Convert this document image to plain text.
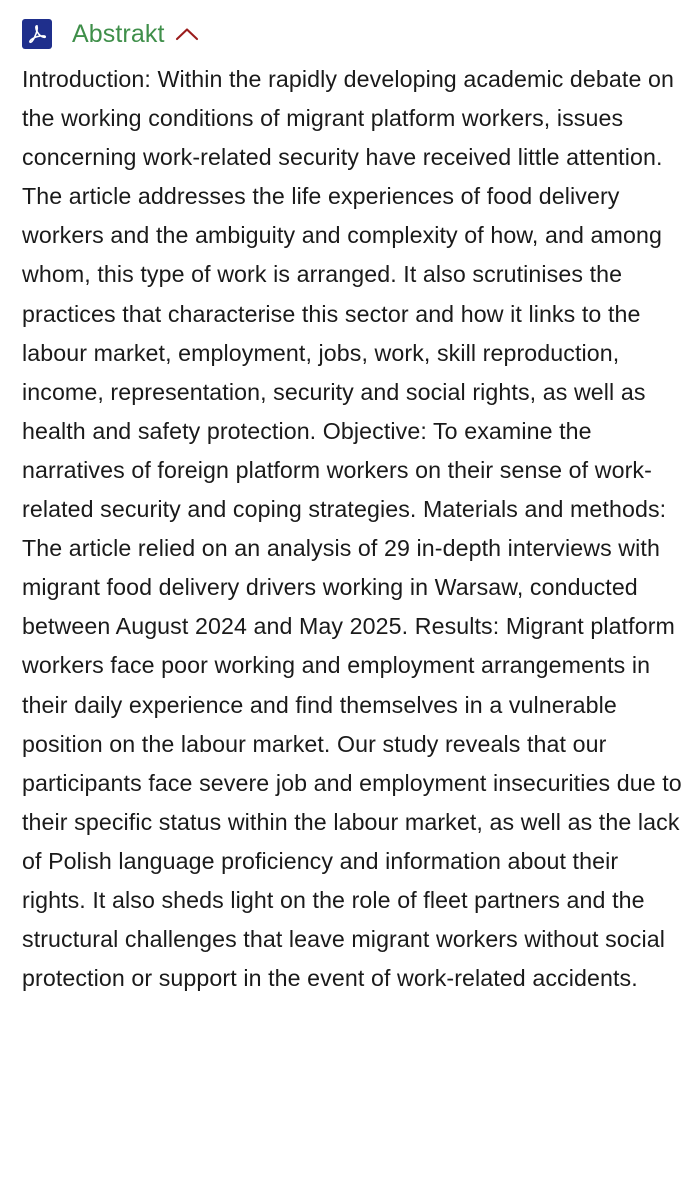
Abstrakt

Introduction: Within the rapidly developing academic debate on the working conditions of migrant platform workers, issues concerning work-related security have received little attention. The article addresses the life experiences of food delivery workers and the ambiguity and complexity of how, and among whom, this type of work is arranged. It also scrutinises the practices that characterise this sector and how it links to the labour market, employment, jobs, work, skill reproduction, income, representation, security and social rights, as well as health and safety protection. Objective: To examine the narratives of foreign platform workers on their sense of work-related security and coping strategies. Materials and methods: The article relied on an analysis of 29 in-depth interviews with migrant food delivery drivers working in Warsaw, conducted between August 2024 and May 2025. Results: Migrant platform workers face poor working and employment arrangements in their daily experience and find themselves in a vulnerable position on the labour market. Our study reveals that our participants face severe job and employment insecurities due to their specific status within the labour market, as well as the lack of Polish language proficiency and information about their rights. It also sheds light on the role of fleet partners and the structural challenges that leave migrant workers without social protection or support in the event of work-related accidents.
